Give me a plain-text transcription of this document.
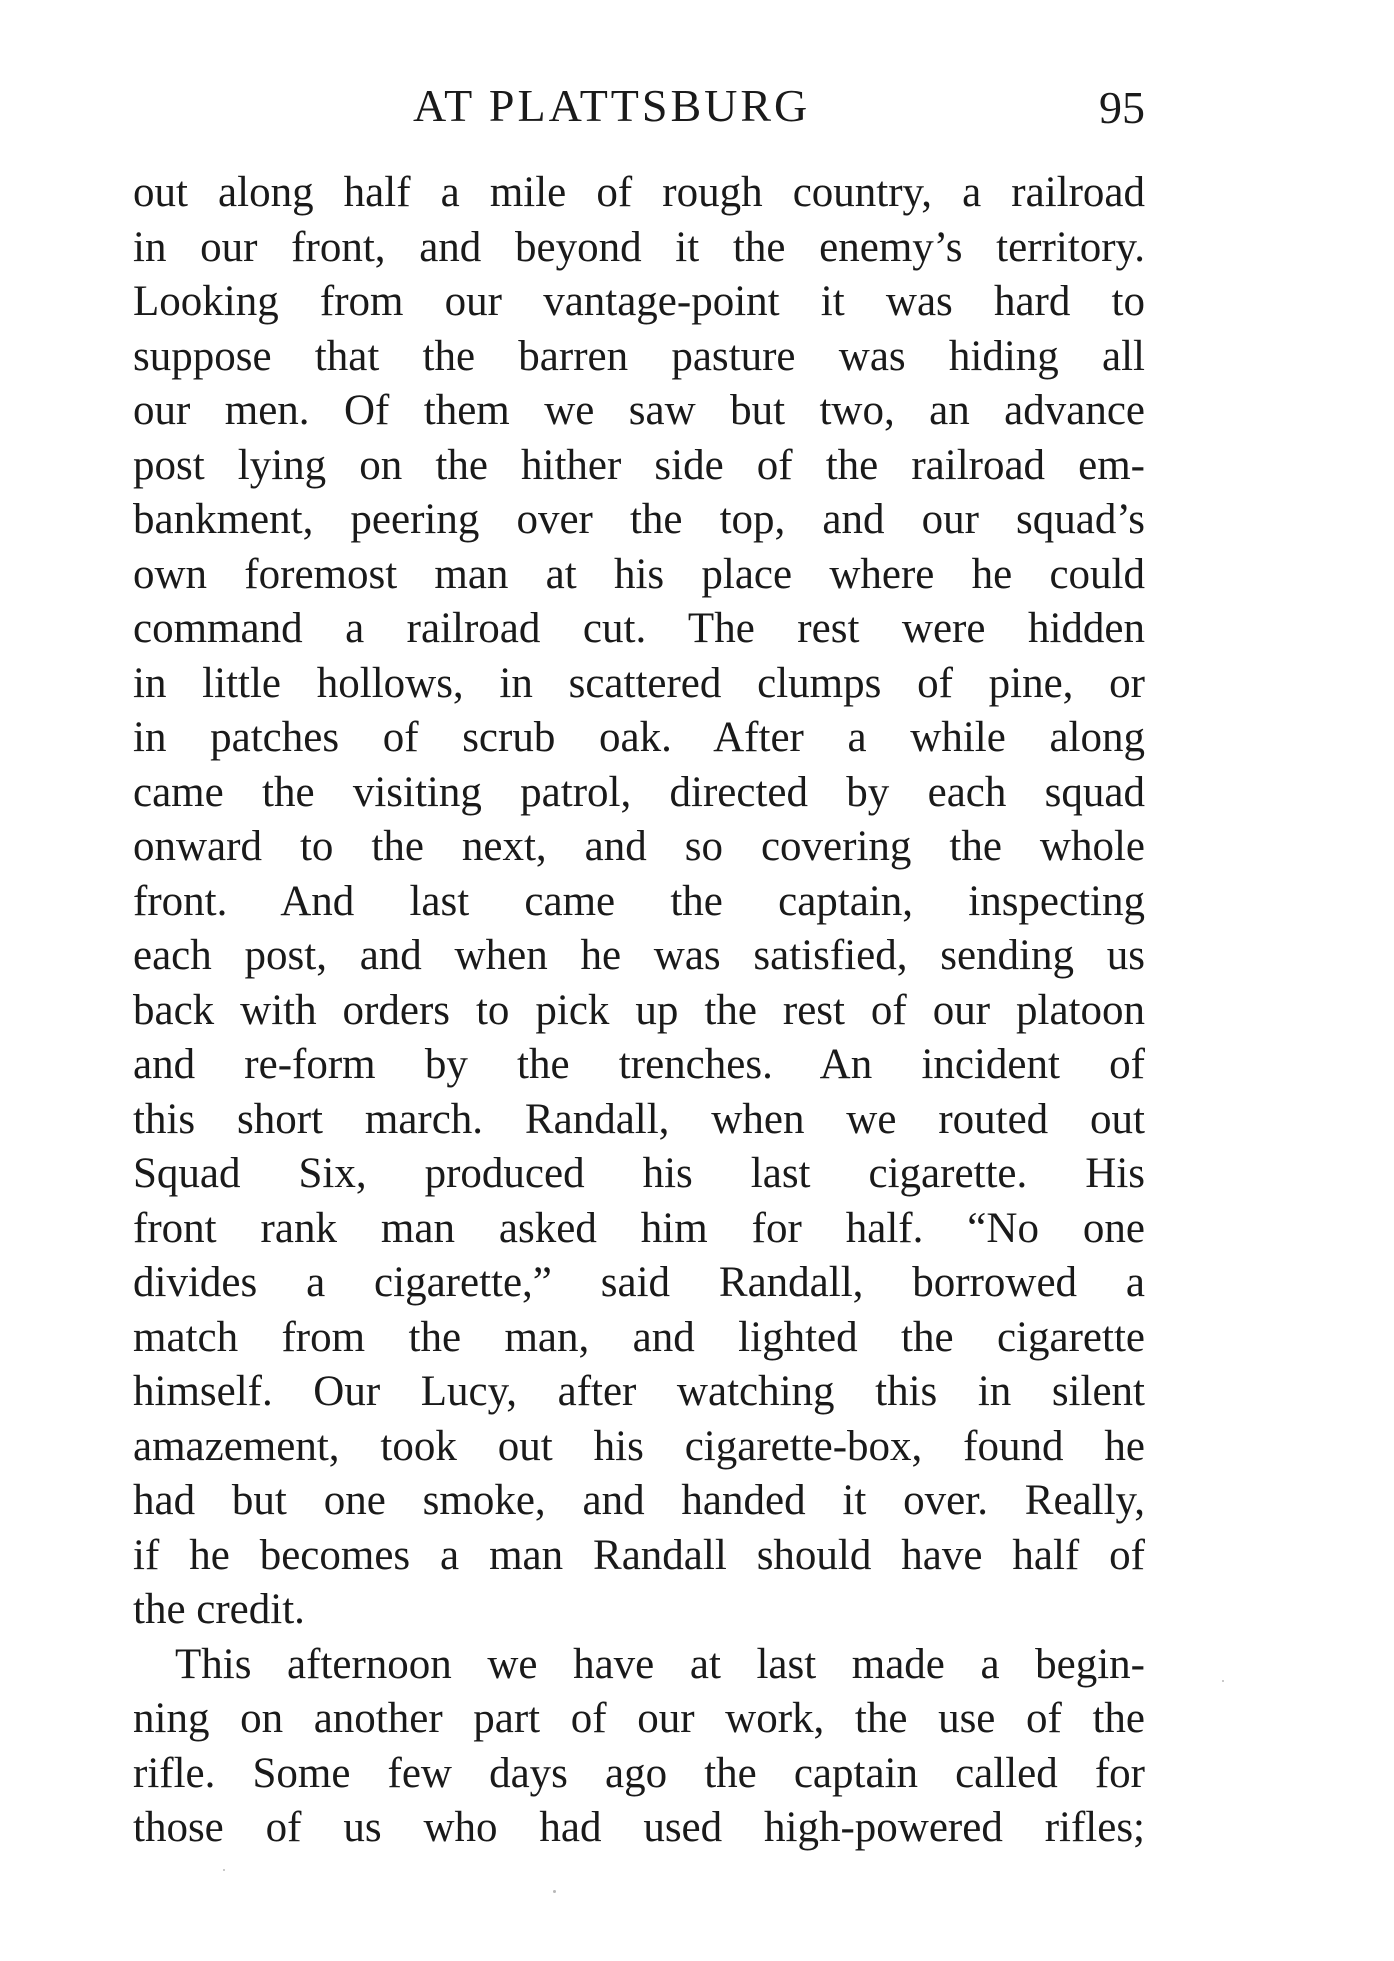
AT PLATTSBURG	95
out along half a mile of rough country, a railroad
in our front, and beyond it the enemy’s territory.
Looking from our vantage-point it was hard to
suppose that the barren pasture was hiding all
our men. Of them we saw but two, an advance
post lying on the hither side of the railroad em-
bankment, peering over the top, and our squad’s
own foremost man at his place where he could
command a railroad cut. The rest were hidden
in little hollows, in scattered clumps of pine, or
in patches of scrub oak. After a while along
came the visiting patrol, directed by each squad
onward to the next, and so covering the whole
front. And last came the captain, inspecting
each post, and when he was satisfied, sending us
back with orders to pick up the rest of our platoon
and re-form by the trenches. An incident of
this short march. Randall, when we routed out
Squad Six, produced his last cigarette. His
front rank man asked him for half. “No one
divides a cigarette,” said Randall, borrowed a
match from the man, and lighted the cigarette
himself. Our Lucy, after watching this in silent
amazement, took out his cigarette-box, found he
had but one smoke, and handed it over. Really,
if he becomes a man Randall should have half of
the credit.
This afternoon we have at last made a begin-
ning on another part of our work, the use of the
rifle. Some few days ago the captain called for
those of us who had used high-powered rifles;
